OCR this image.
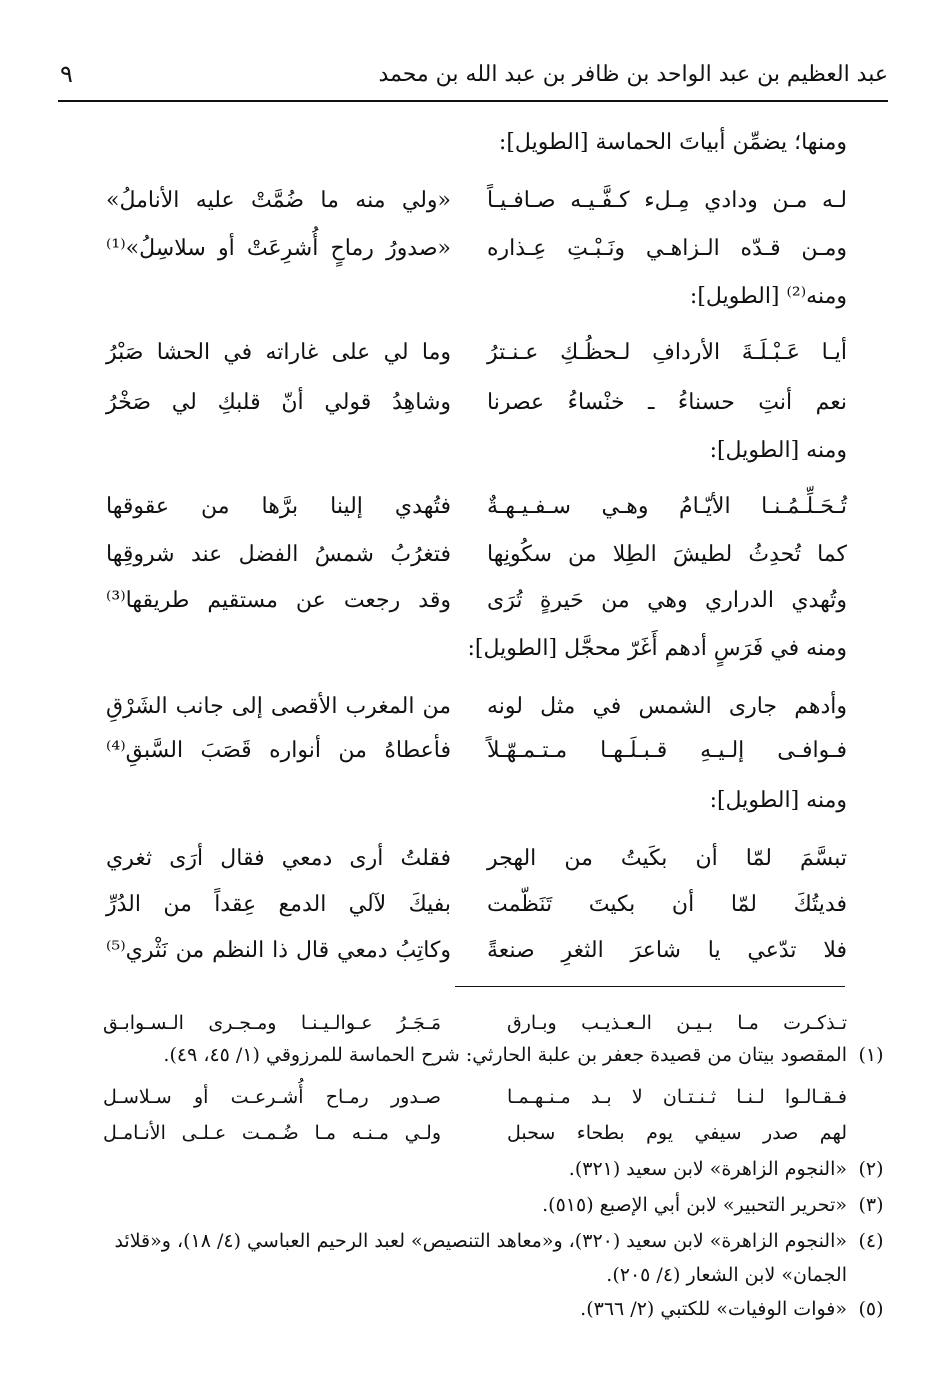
عبد العظيم بن عبد الواحد بن ظافر بن عبد الله بن محمد
٩
ومنها؛ يضمِّن أبياتَ الحماسة [الطويل]:
لـه مـن ودادي مِـلء كـفَّـيـه صـافـيـاً
«ولي منه ما ضُمَّتْ عليه الأناملُ»
ومـن قـدّه الـزاهـي ونَـبْـتِ عِـذاره
«صدورُ رماحٍ أُشرِعَتْ أو سلاسِلُ»⁽¹⁾
ومنه⁽²⁾ [الطويل]:
أيـا عَـبْـلَـةَ الأردافِ لـحظُـكِ عـنـترُ
وما لي على غاراته في الحشا صَبْرُ
نعم أنتِ حسناءُ ـ خنْساءُ عصرنا
وشاهِدُ قولي أنّ قلبكِ لي صَخْرُ
ومنه [الطويل]:
تُـحَـلِّـمُـنـا الأيّـامُ وهـي سـفـيـهـةٌ
فتُهدي إلينا برَّها من عقوقها
كما تُحدِثُ لطيشَ الطِلا من سكُونِها
فتغرُبُ شمسُ الفضل عند شروقِها
وتُهدي الدراري وهي من حَيرةٍ تُرَى
وقد رجعت عن مستقيم طريقها⁽³⁾
ومنه في فَرَسٍ أدهم أَغَرّ محجَّل [الطويل]:
وأدهم جارى الشمس في مثل لونه
من المغرب الأقصى إلى جانب الشَرْقِ
فـوافـى إلـيـهِ قـبـلَـهـا مـتـمـهّـلاً
فأعطاهُ من أنواره قَصَبَ السَّبقِ⁽⁴⁾
ومنه [الطويل]:
تبسَّمَ لمّا أن بكَيتُ من الهجر
فقلتُ أرى دمعي فقال أرَى ثغري
فديتُكَ لمّا أن بكيتَ تَنَظّمت
بفيكَ لآلي الدمع عِقداً من الدُرِّ
فلا تدّعي يا شاعرَ الثغرِ صنعةً
وكاتِبُ دمعي قال ذا النظم من نَثْري⁽⁵⁾
تـذكـرت مـا بـيـن الـعـذيـب وبـارق
مَـجَـرُ عـوالـيـنـا ومـجـرى الـسـوابـق
(١)
المقصود بيتان من قصيدة جعفر بن علبة الحارثي: شرح الحماسة للمرزوقي (١/ ٤٥، ٤٩).
فـقـالـوا لـنـا ثـنـتـان لا بـد مـنـهـمـا
صـدور رمـاح أُشـرعـت أو سـلاسـل
لهم صدر سيفي يوم بطحاء سحبل
ولـي مـنـه مـا ضُـمـت عـلـى الأنـامـل
(٢)
«النجوم الزاهرة» لابن سعيد (٣٢١).
(٣)
«تحرير التحبير» لابن أبي الإصبع (٥١٥).
(٤)
«النجوم الزاهرة» لابن سعيد (٣٢٠)، و«معاهد التنصيص» لعبد الرحيم العباسي (٤/ ١٨)، و«قلائد
الجمان» لابن الشعار (٤/ ٢٠٥).
(٥)
«فوات الوفيات» للكتبي (٢/ ٣٦٦).
